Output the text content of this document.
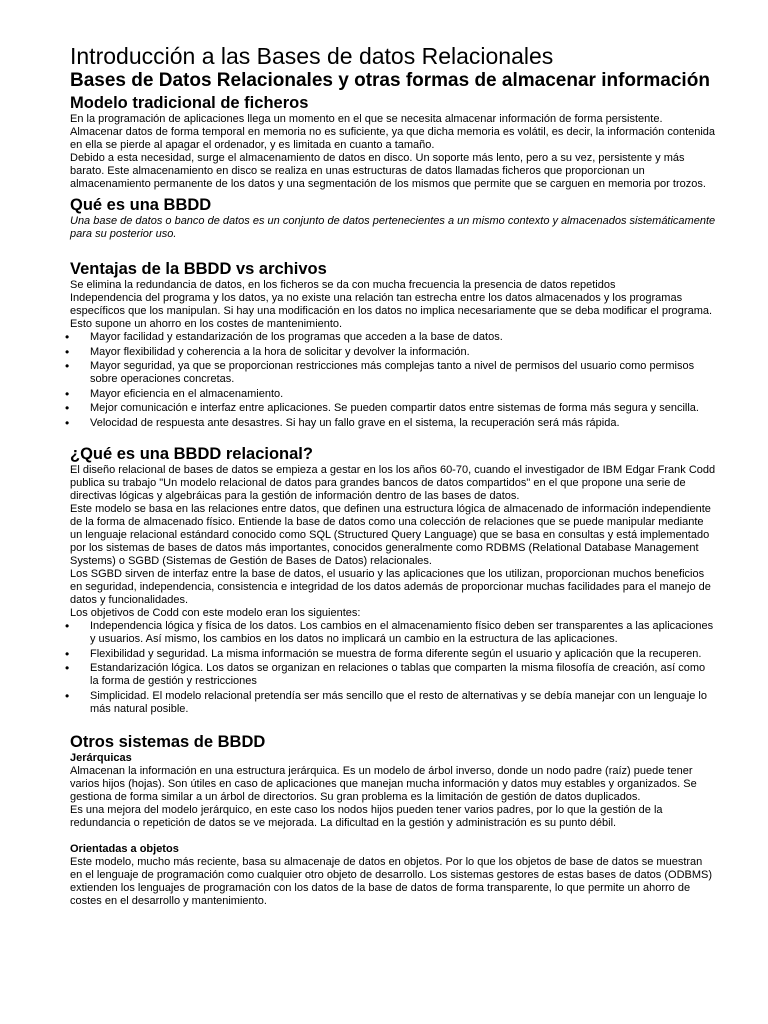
Introducción a las Bases de datos Relacionales
Bases de Datos Relacionales y otras formas de almacenar información
Modelo tradicional de ficheros

En la programación de aplicaciones llega un momento en el que se necesita almacenar información de forma persistente. Almacenar datos de forma temporal en memoria no es suficiente, ya que dicha memoria es volátil, es decir, la información contenida en ella se pierde al apagar el ordenador, y es limitada en cuanto a tamaño.

Debido a esta necesidad, surge el almacenamiento de datos en disco. Un soporte más lento, pero a su vez, persistente y más barato. Este almacenamiento en disco se realiza en unas estructuras de datos llamadas ficheros que proporcionan un almacenamiento permanente de los datos y una segmentación de los mismos que permite que se carguen en memoria por trozos.

Qué es una BBDD

Una base de datos o banco de datos es un conjunto de datos pertenecientes a un mismo contexto y almacenados sistemáticamente para su posterior uso.

Ventajas de la BBDD vs archivos

Se elimina la redundancia de datos, en los ficheros se da con mucha frecuencia la presencia de datos repetidos

Independencia del programa y los datos, ya no existe una relación tan estrecha entre los datos almacenados y los programas específicos que los manipulan. Si hay una modificación en los datos no implica necesariamente que se deba modificar el programa. Esto supone un ahorro en los costes de mantenimiento.

• Mayor facilidad y estandarización de los programas que acceden a la base de datos.
• Mayor flexibilidad y coherencia a la hora de solicitar y devolver la información.
• Mayor seguridad, ya que se proporcionan restricciones más complejas tanto a nivel de permisos del usuario como permisos sobre operaciones concretas.
• Mayor eficiencia en el almacenamiento.
• Mejor comunicación e interfaz entre aplicaciones. Se pueden compartir datos entre sistemas de forma más segura y sencilla.
• Velocidad de respuesta ante desastres. Si hay un fallo grave en el sistema, la recuperación será más rápida.
¿Qué es una BBDD relacional?

El diseño relacional de bases de datos se empieza a gestar en los los años 60-70, cuando el investigador de IBM Edgar Frank Codd publica su trabajo "Un modelo relacional de datos para grandes bancos de datos compartidos" en el que propone una serie de directivas lógicas y algebráicas para la gestión de información dentro de las bases de datos.

Este modelo se basa en las relaciones entre datos, que definen una estructura lógica de almacenado de información independiente de la forma de almacenado físico. Entiende la base de datos como una colección de relaciones que se puede manipular mediante un lenguaje relacional estándard conocido como SQL (Structured Query Language) que se basa en consultas y está implementado por los sistemas de bases de datos más importantes, conocidos generalmente como RDBMS (Relational Database Management Systems) o SGBD (Sistemas de Gestión de Bases de Datos) relacionales.

Los SGBD sirven de interfaz entre la base de datos, el usuario y las aplicaciones que los utilizan, proporcionan muchos beneficios en seguridad, independencia, consistencia e integridad de los datos además de proporcionar muchas facilidades para el manejo de datos y funcionalidades.

Los objetivos de Codd con este modelo eran los siguientes:

• Independencia lógica y física de los datos. Los cambios en el almacenamiento físico deben ser transparentes a las aplicaciones y usuarios. Así mismo, los cambios en los datos no implicará un cambio en la estructura de las aplicaciones.
• Flexibilidad y seguridad. La misma información se muestra de forma diferente según el usuario y aplicación que la recuperen.
• Estandarización lógica. Los datos se organizan en relaciones o tablas que comparten la misma filosofía de creación, así como la forma de gestión y restricciones
• Simplicidad. El modelo relacional pretendía ser más sencillo que el resto de alternativas y se debía manejar con un lenguaje lo más natural posible.
Otros sistemas de BBDD
Jerárquicas

Almacenan la información en una estructura jerárquica. Es un modelo de árbol inverso, donde un nodo padre (raíz) puede tener varios hijos (hojas). Son útiles en caso de aplicaciones que manejan mucha información y datos muy estables y organizados. Se gestiona de forma similar a un árbol de directorios. Su gran problema es la limitación de gestión de datos duplicados.

Es una mejora del modelo jerárquico, en este caso los nodos hijos pueden tener varios padres, por lo que la gestión de la redundancia o repetición de datos se ve mejorada. La dificultad en la gestión y administración es su punto débil.

Orientadas a objetos

Este modelo, mucho más reciente, basa su almacenaje de datos en objetos. Por lo que los objetos de base de datos se muestran en el lenguaje de programación como cualquier otro objeto de desarrollo. Los sistemas gestores de estas bases de datos (ODBMS) extienden los lenguajes de programación con los datos de la base de datos de forma transparente, lo que permite un ahorro de costes en el desarrollo y mantenimiento.
